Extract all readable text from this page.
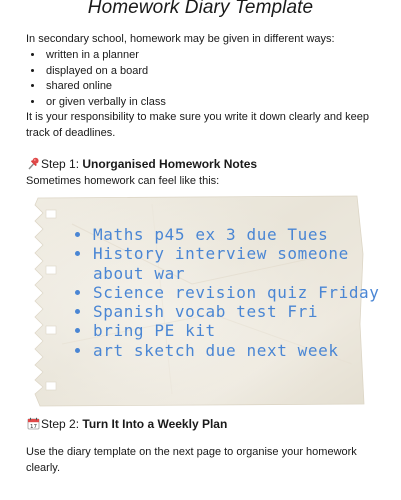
Homework Diary Template
In secondary school, homework may be given in different ways:
• written in a planner
• displayed on a board
• shared online
• or given verbally in class
It is your responsibility to make sure you write it down clearly and keep track of deadlines.
Step 1: Unorganised Homework Notes
Sometimes homework can feel like this:
• Maths p45 ex 3 due Tues
• History interview someone about war
• Science revision quiz Friday
• Spanish vocab test Fri
• bring PE kit
• art sketch due next week
17 Step 2: Turn It Into a Weekly Plan
Use the diary template on the next page to organise your homework clearly.
